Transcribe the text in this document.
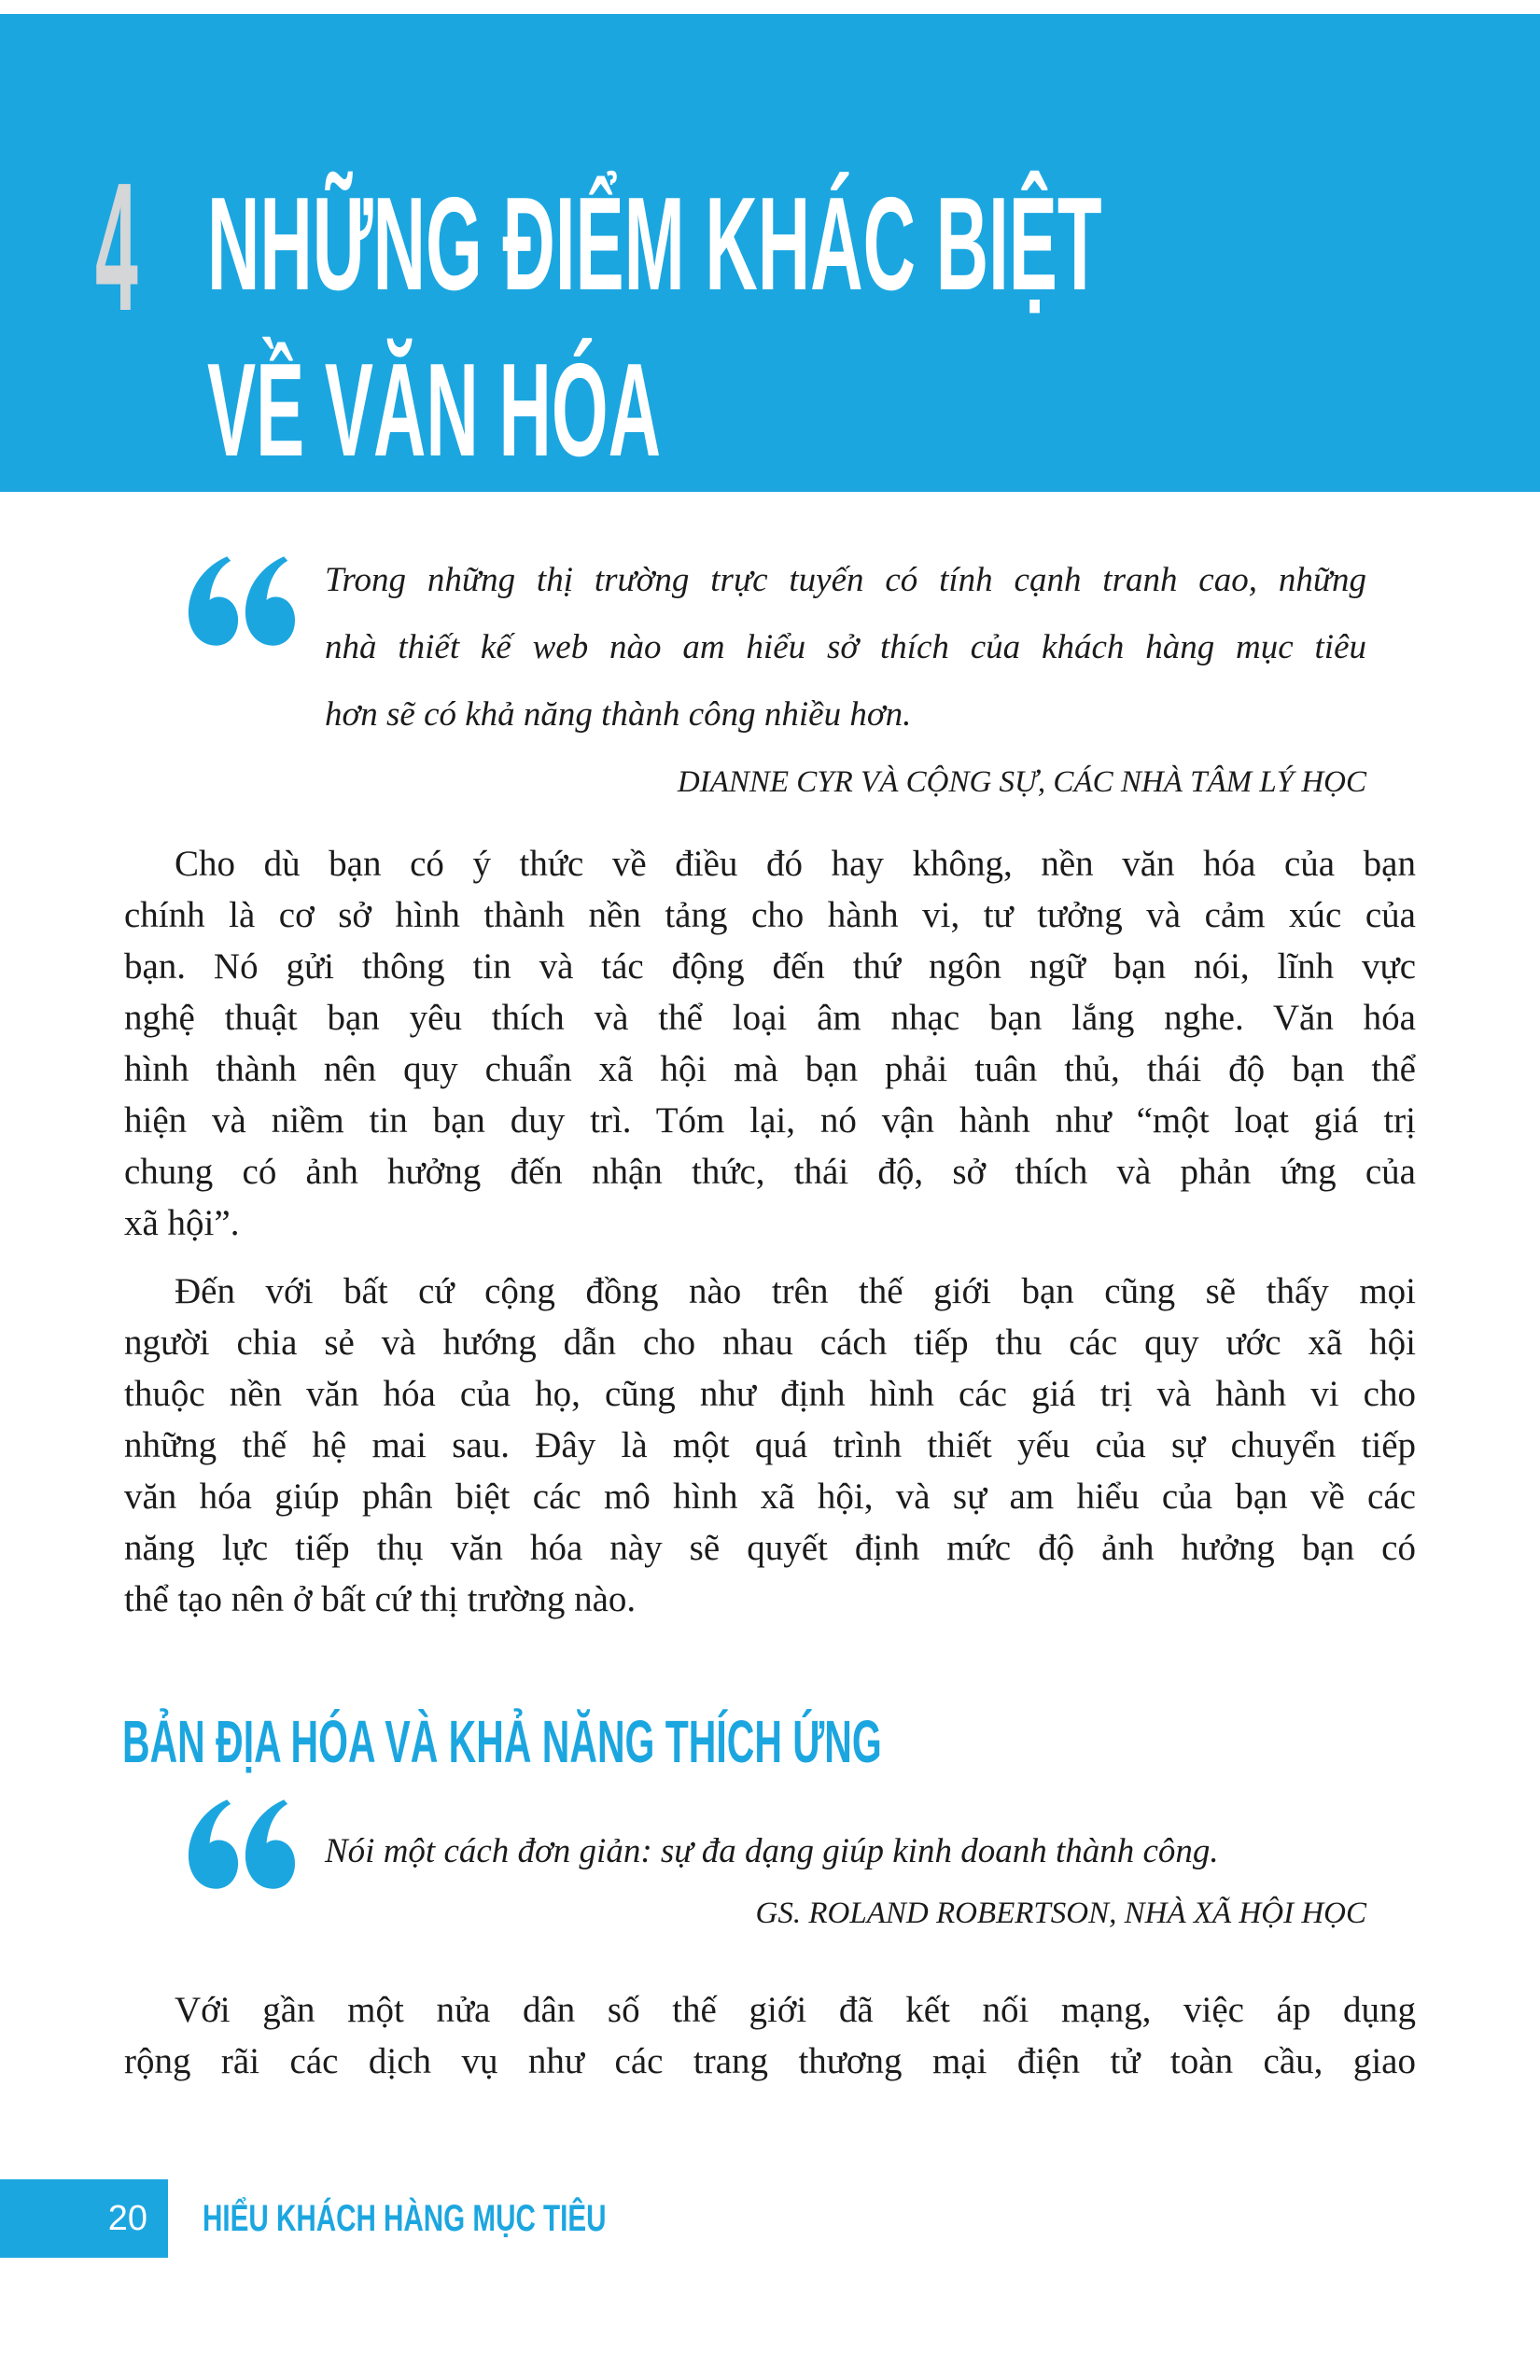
4 NHỮNG ĐIỂM KHÁC BIỆT
VỀ VĂN HÓA
Trong những thị trường trực tuyến có tính cạnh tranh cao, những
nhà thiết kế web nào am hiểu sở thích của khách hàng mục tiêu
hơn sẽ có khả năng thành công nhiều hơn.
DIANNE CYR VÀ CỘNG SỰ, CÁC NHÀ TÂM LÝ HỌC
Cho dù bạn có ý thức về điều đó hay không, nền văn hóa của bạn
chính là cơ sở hình thành nền tảng cho hành vi, tư tưởng và cảm xúc của
bạn. Nó gửi thông tin và tác động đến thứ ngôn ngữ bạn nói, lĩnh vực
nghệ thuật bạn yêu thích và thể loại âm nhạc bạn lắng nghe. Văn hóa
hình thành nên quy chuẩn xã hội mà bạn phải tuân thủ, thái độ bạn thể
hiện và niềm tin bạn duy trì. Tóm lại, nó vận hành như “một loạt giá trị
chung có ảnh hưởng đến nhận thức, thái độ, sở thích và phản ứng của
xã hội”.
Đến với bất cứ cộng đồng nào trên thế giới bạn cũng sẽ thấy mọi
người chia sẻ và hướng dẫn cho nhau cách tiếp thu các quy ước xã hội
thuộc nền văn hóa của họ, cũng như định hình các giá trị và hành vi cho
những thế hệ mai sau. Đây là một quá trình thiết yếu của sự chuyển tiếp
văn hóa giúp phân biệt các mô hình xã hội, và sự am hiểu của bạn về các
năng lực tiếp thụ văn hóa này sẽ quyết định mức độ ảnh hưởng bạn có
thể tạo nên ở bất cứ thị trường nào.
BẢN ĐỊA HÓA VÀ KHẢ NĂNG THÍCH ỨNG
Nói một cách đơn giản: sự đa dạng giúp kinh doanh thành công.
GS. ROLAND ROBERTSON, NHÀ XÃ HỘI HỌC
Với gần một nửa dân số thế giới đã kết nối mạng, việc áp dụng
rộng rãi các dịch vụ như các trang thương mại điện tử toàn cầu, giao
20	HIỂU KHÁCH HÀNG MỤC TIÊU
